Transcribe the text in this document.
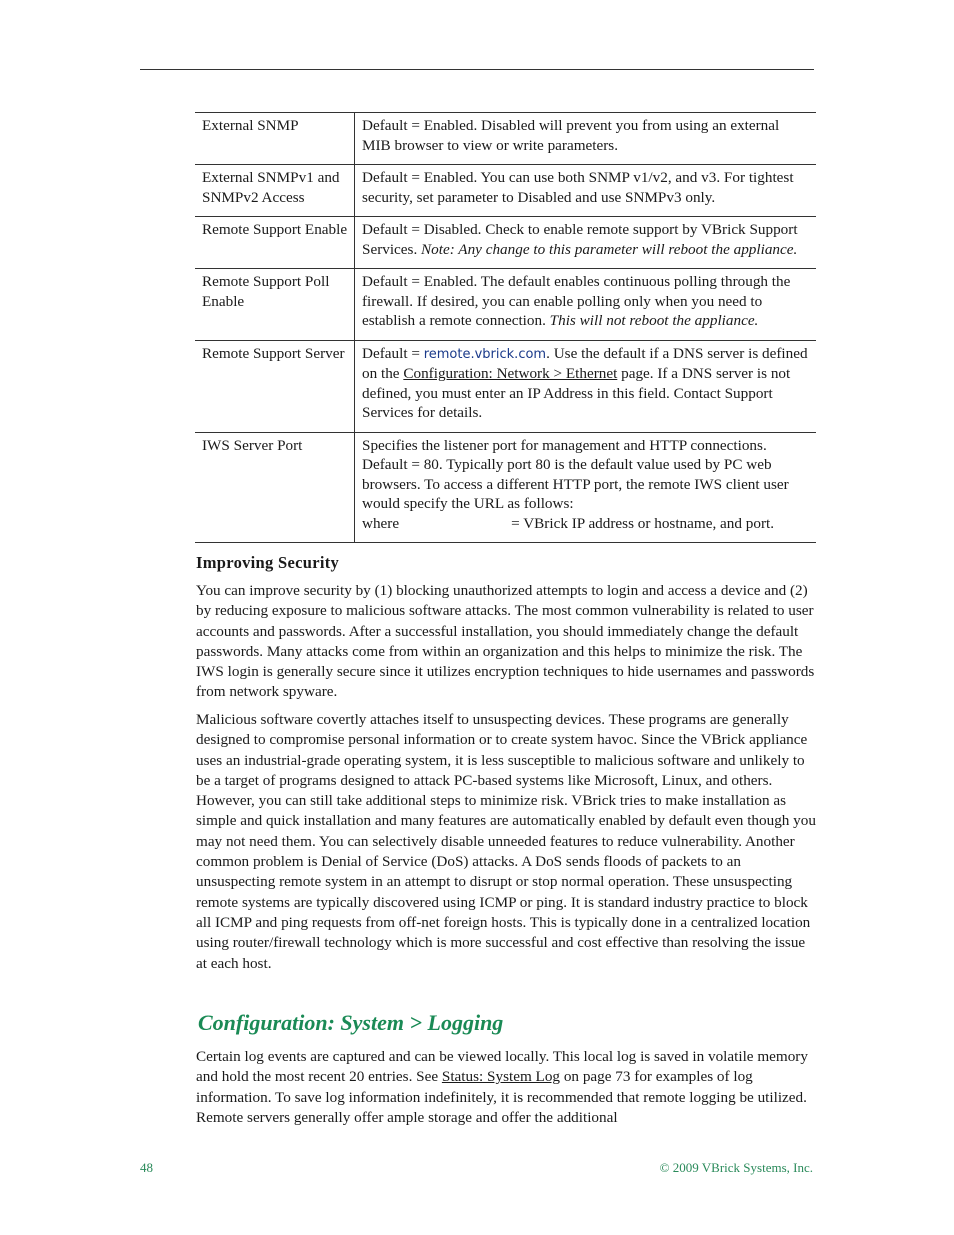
External SNMP	Default = Enabled. Disabled will prevent you from using an external MIB browser to view or write parameters.
External SNMPv1 and SNMPv2 Access	Default = Enabled. You can use both SNMP v1/v2, and v3. For tightest security, set parameter to Disabled and use SNMPv3 only.
Remote Support Enable	Default = Disabled. Check to enable remote support by VBrick Support Services. Note: Any change to this parameter will reboot the appliance.
Remote Support Poll Enable	Default = Enabled. The default enables continuous polling through the firewall. If desired, you can enable polling only when you need to establish a remote connection. This will not reboot the appliance.
Remote Support Server	Default = remote.vbrick.com. Use the default if a DNS server is defined on the Configuration: Network > Ethernet page. If a DNS server is not defined, you must enter an IP Address in this field. Contact Support Services for details.
IWS Server Port	Specifies the listener port for management and HTTP connections. Default = 80. Typically port 80 is the default value used by PC web browsers. To access a different HTTP port, the remote IWS client user would specify the URL as follows:
where = VBrick IP address or hostname, and port.
Improving Security

You can improve security by (1) blocking unauthorized attempts to login and access a device and (2) by reducing exposure to malicious software attacks. The most common vulnerability is related to user accounts and passwords. After a successful installation, you should immediately change the default passwords. Many attacks come from within an organization and this helps to minimize the risk. The IWS login is generally secure since it utilizes encryption techniques to hide usernames and passwords from network spyware.

Malicious software covertly attaches itself to unsuspecting devices. These programs are generally designed to compromise personal information or to create system havoc. Since the VBrick appliance uses an industrial-grade operating system, it is less susceptible to malicious software and unlikely to be a target of programs designed to attack PC-based systems like Microsoft, Linux, and others. However, you can still take additional steps to minimize risk. VBrick tries to make installation as simple and quick installation and many features are automatically enabled by default even though you may not need them. You can selectively disable unneeded features to reduce vulnerability. Another common problem is Denial of Service (DoS) attacks. A DoS sends floods of packets to an unsuspecting remote system in an attempt to disrupt or stop normal operation. These unsuspecting remote systems are typically discovered using ICMP or ping. It is standard industry practice to block all ICMP and ping requests from off-net foreign hosts. This is typically done in a centralized location using router/firewall technology which is more successful and cost effective than resolving the issue at each host.

Configuration: System > Logging

Certain log events are captured and can be viewed locally. This local log is saved in volatile memory and hold the most recent 20 entries. See Status: System Log on page 73 for examples of log information. To save log information indefinitely, it is recommended that remote logging be utilized. Remote servers generally offer ample storage and offer the additional

48	© 2009 VBrick Systems, Inc.
